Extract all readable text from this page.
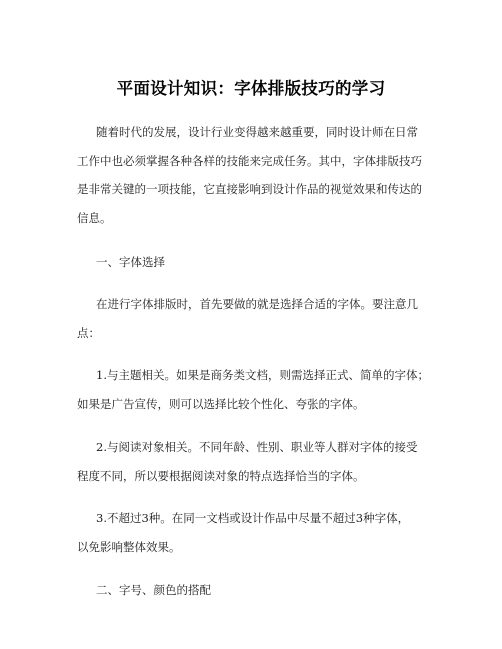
平面设计知识：字体排版技巧的学习
随着时代的发展，设计行业变得越来越重要，同时设计师在日常
工作中也必须掌握各种各样的技能来完成任务。其中，字体排版技巧
是非常关键的一项技能，它直接影响到设计作品的视觉效果和传达的
信息。
一、字体选择
在进行字体排版时，首先要做的就是选择合适的字体。要注意几
点：
1.与主题相关。如果是商务类文档，则需选择正式、简单的字体；
如果是广告宣传，则可以选择比较个性化、夸张的字体。
2.与阅读对象相关。不同年龄、性别、职业等人群对字体的接受
程度不同，所以要根据阅读对象的特点选择恰当的字体。
3.不超过3种。在同一文档或设计作品中尽量不超过3种字体，
以免影响整体效果。
二、字号、颜色的搭配
